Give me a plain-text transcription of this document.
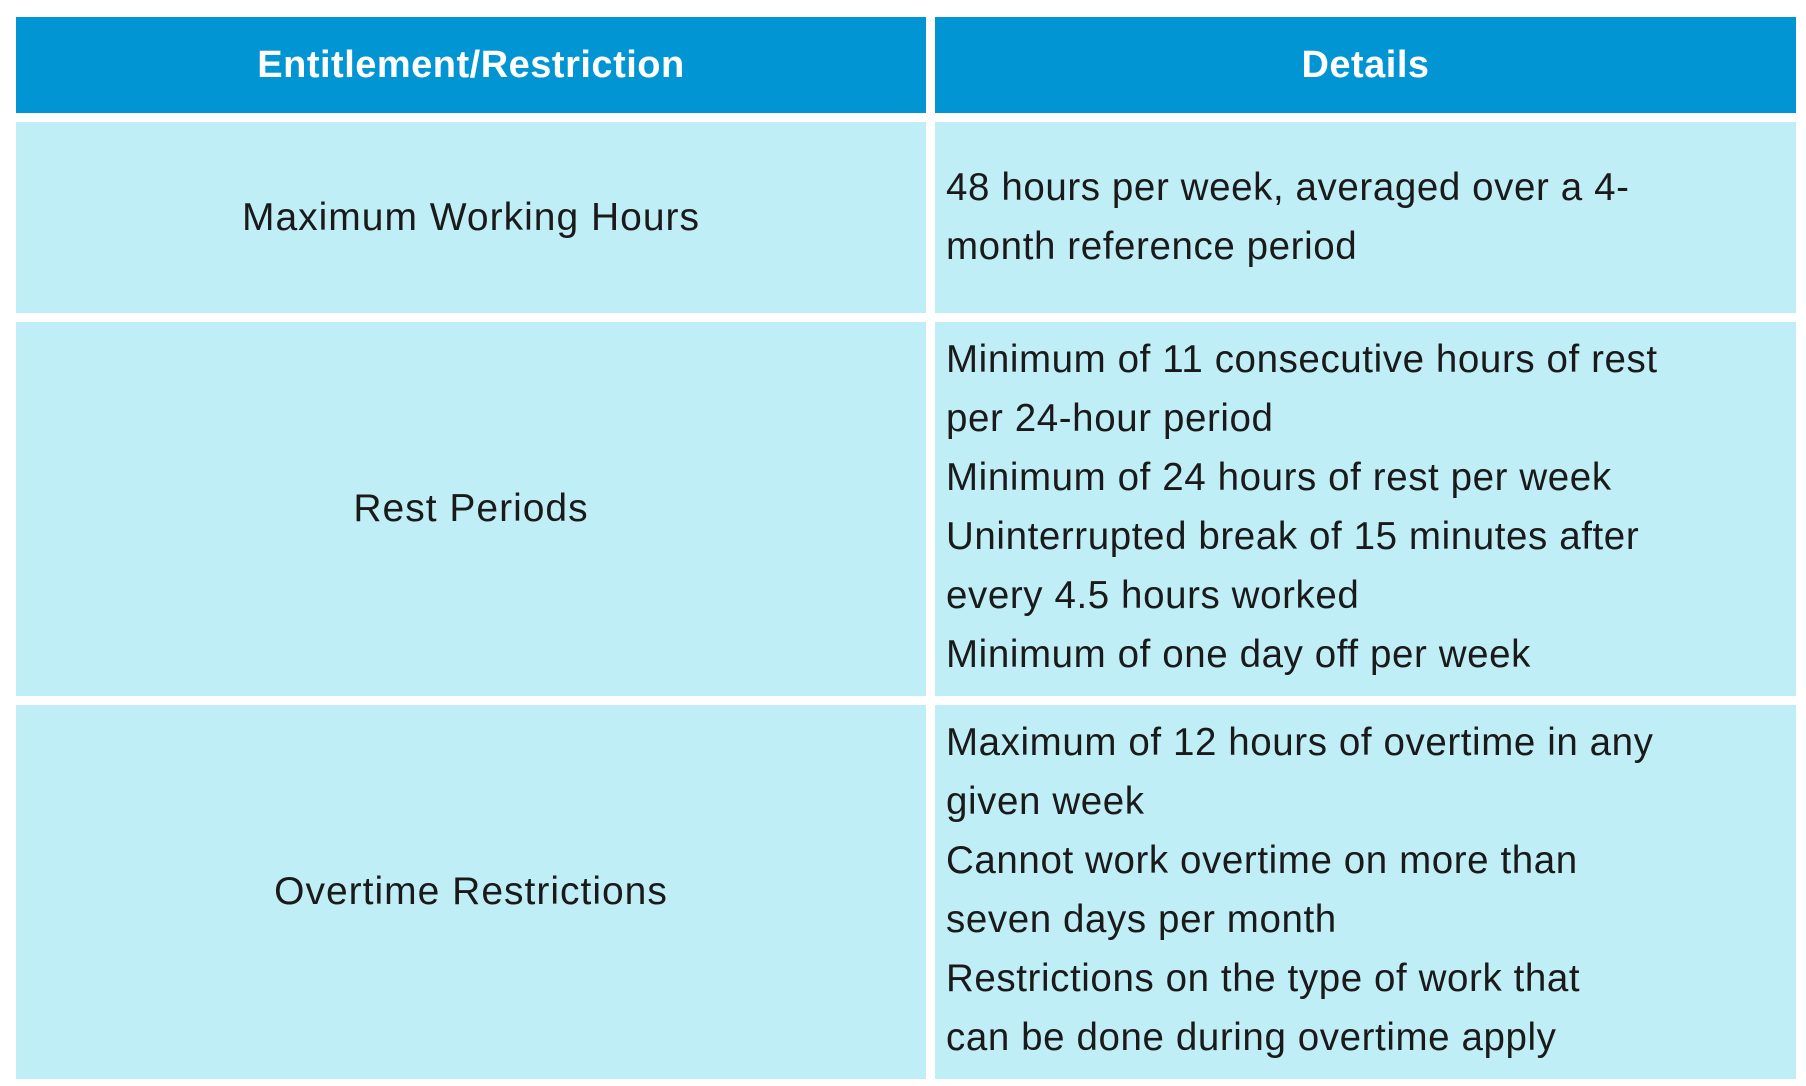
Entitlement/Restriction	Details
Maximum Working Hours
48 hours per week, averaged over a 4-
month reference period
Rest Periods
Minimum of 11 consecutive hours of rest
per 24-hour period
Minimum of 24 hours of rest per week
Uninterrupted break of 15 minutes after
every 4.5 hours worked
Minimum of one day off per week
Overtime Restrictions
Maximum of 12 hours of overtime in any
given week
Cannot work overtime on more than
seven days per month
Restrictions on the type of work that
can be done during overtime apply
